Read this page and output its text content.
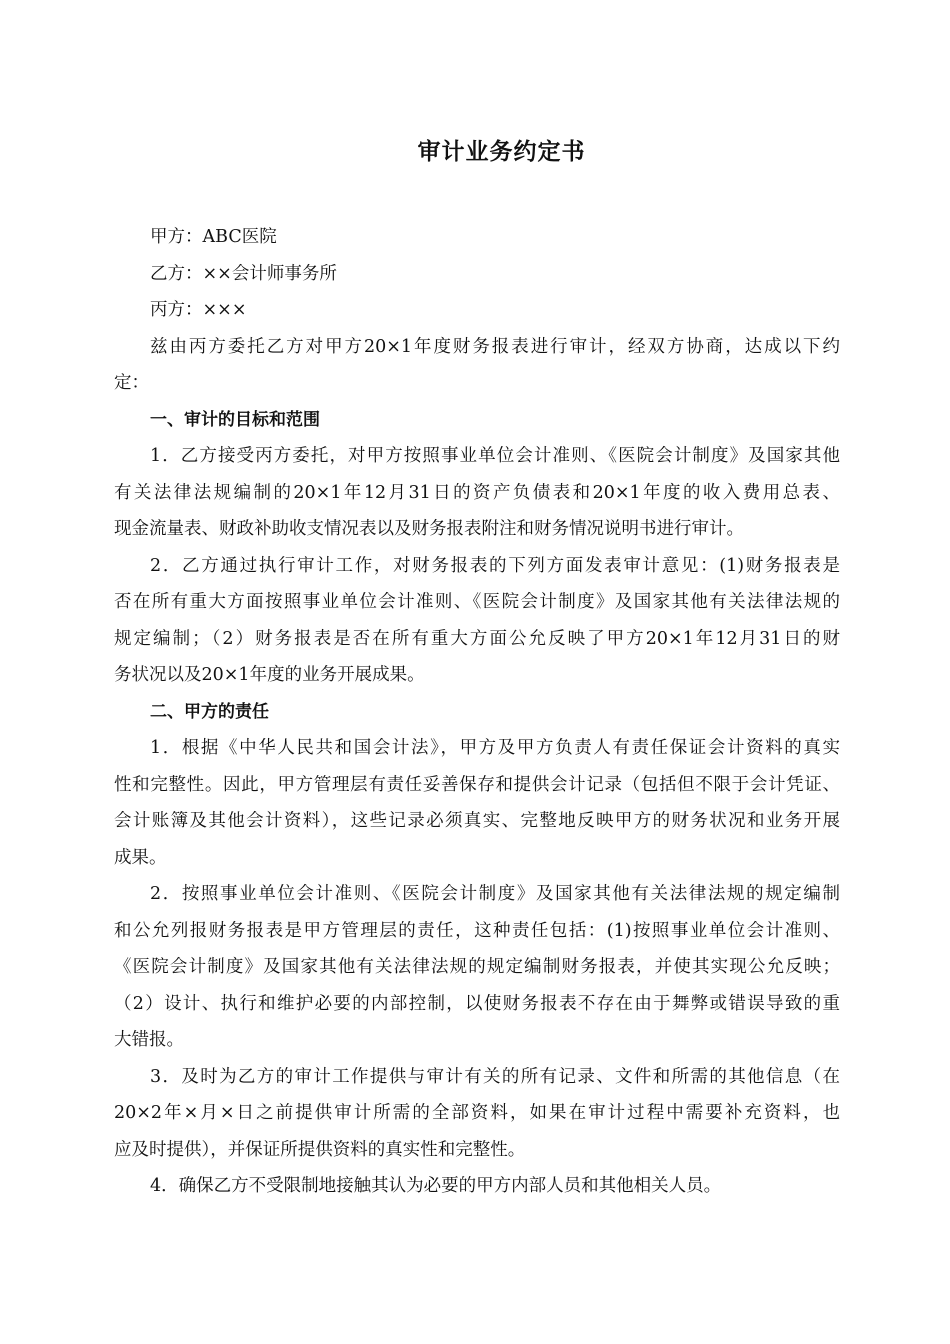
审计业务约定书

甲方：ABC医院

乙方：××会计师事务所

丙方：×××

兹由丙方委托乙方对甲方20×1年度财务报表进行审计，经双方协商，达成以下约

定：

一、审计的目标和范围

1．乙方接受丙方委托，对甲方按照事业单位会计准则、《医院会计制度》及国家其他

有关法律法规编制的20×1年12月31日的资产负债表和20×1年度的收入费用总表、

现金流量表、财政补助收支情况表以及财务报表附注和财务情况说明书进行审计。

2．乙方通过执行审计工作，对财务报表的下列方面发表审计意见：(1)财务报表是

否在所有重大方面按照事业单位会计准则、《医院会计制度》及国家其他有关法律法规的

规定编制；（2）财务报表是否在所有重大方面公允反映了甲方20×1年12月31日的财

务状况以及20×1年度的业务开展成果。

二、甲方的责任

1．根据《中华人民共和国会计法》，甲方及甲方负责人有责任保证会计资料的真实

性和完整性。因此，甲方管理层有责任妥善保存和提供会计记录（包括但不限于会计凭证、

会计账簿及其他会计资料），这些记录必须真实、完整地反映甲方的财务状况和业务开展

成果。

2．按照事业单位会计准则、《医院会计制度》及国家其他有关法律法规的规定编制

和公允列报财务报表是甲方管理层的责任，这种责任包括：(1)按照事业单位会计准则、

《医院会计制度》及国家其他有关法律法规的规定编制财务报表，并使其实现公允反映；

（2）设计、执行和维护必要的内部控制，以使财务报表不存在由于舞弊或错误导致的重

大错报。

3．及时为乙方的审计工作提供与审计有关的所有记录、文件和所需的其他信息（在

20×2年×月×日之前提供审计所需的全部资料，如果在审计过程中需要补充资料，也

应及时提供），并保证所提供资料的真实性和完整性。

4．确保乙方不受限制地接触其认为必要的甲方内部人员和其他相关人员。
